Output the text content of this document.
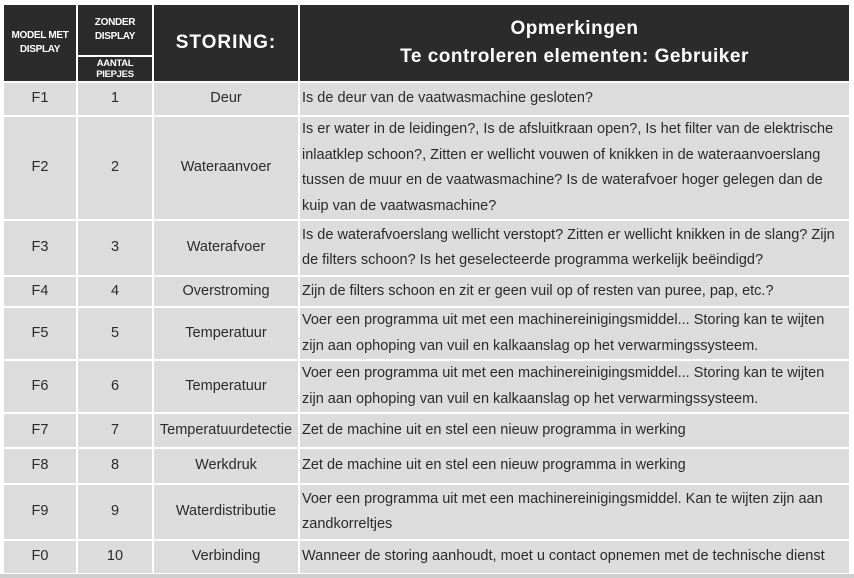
MODEL MET DISPLAY	ZONDER DISPLAY	STORING:	Opmerkingen
Te controleren elementen: Gebruiker

	AANTAL PIEPJES		
F1	1	Deur	Is de deur van de vaatwasmachine gesloten?
F2	2	Wateraanvoer	Is er water in de leidingen?, Is de afsluitkraan open?, Is het filter van de elektrische inlaatklep schoon?, Zitten er wellicht vouwen of knikken in de wateraanvoerslang tussen de muur en de vaatwasmachine? Is de waterafvoer hoger gelegen dan de kuip van de vaatwasmachine?
F3	3	Waterafvoer	Is de waterafvoerslang wellicht verstopt? Zitten er wellicht knikken in de slang? Zijn de filters schoon? Is het geselecteerde programma werkelijk beëindigd?
F4	4	Overstroming	Zijn de filters schoon en zit er geen vuil op of resten van puree, pap, etc.?
F5	5	Temperatuur	Voer een programma uit met een machinereinigingsmiddel... Storing kan te wijten zijn aan ophoping van vuil en kalkaanslag op het verwarmingssysteem.
F6	6	Temperatuur	Voer een programma uit met een machinereinigingsmiddel... Storing kan te wijten zijn aan ophoping van vuil en kalkaanslag op het verwarmingssysteem.
F7	7	Temperatuurdetectie	Zet de machine uit en stel een nieuw programma in werking
F8	8	Werkdruk	Zet de machine uit en stel een nieuw programma in werking
F9	9	Waterdistributie	Voer een programma uit met een machinereinigingsmiddel. Kan te wijten zijn aan zandkorreltjes
F0	10	Verbinding	Wanneer de storing aanhoudt, moet u contact opnemen met de technische dienst
